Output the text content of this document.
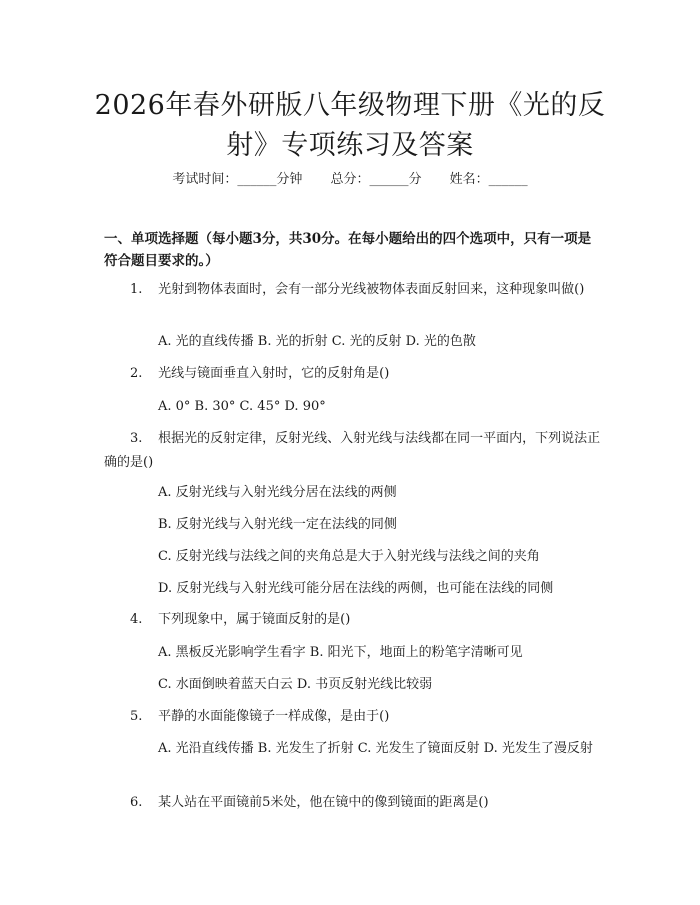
2026年春外研版八年级物理下册《光的反
射》专项练习及答案
考试时间：______分钟 总分：______分 姓名：______
一、单项选择题（每小题3分，共30分。在每小题给出的四个选项中，只有一项是符合题目要求的。）
1. 光射到物体表面时，会有一部分光线被物体表面反射回来，这种现象叫做()
A. 光的直线传播 B. 光的折射 C. 光的反射 D. 光的色散
2. 光线与镜面垂直入射时，它的反射角是()
A. 0° B. 30° C. 45° D. 90°
3. 根据光的反射定律，反射光线、入射光线与法线都在同一平面内，下列说法正确的是()
A. 反射光线与入射光线分居在法线的两侧
B. 反射光线与入射光线一定在法线的同侧
C. 反射光线与法线之间的夹角总是大于入射光线与法线之间的夹角
D. 反射光线与入射光线可能分居在法线的两侧，也可能在法线的同侧
4. 下列现象中，属于镜面反射的是()
A. 黑板反光影响学生看字 B. 阳光下，地面上的粉笔字清晰可见
C. 水面倒映着蓝天白云 D. 书页反射光线比较弱
5. 平静的水面能像镜子一样成像，是由于()
A. 光沿直线传播 B. 光发生了折射 C. 光发生了镜面反射 D. 光发生了漫反射
6. 某人站在平面镜前5米处，他在镜中的像到镜面的距离是()
